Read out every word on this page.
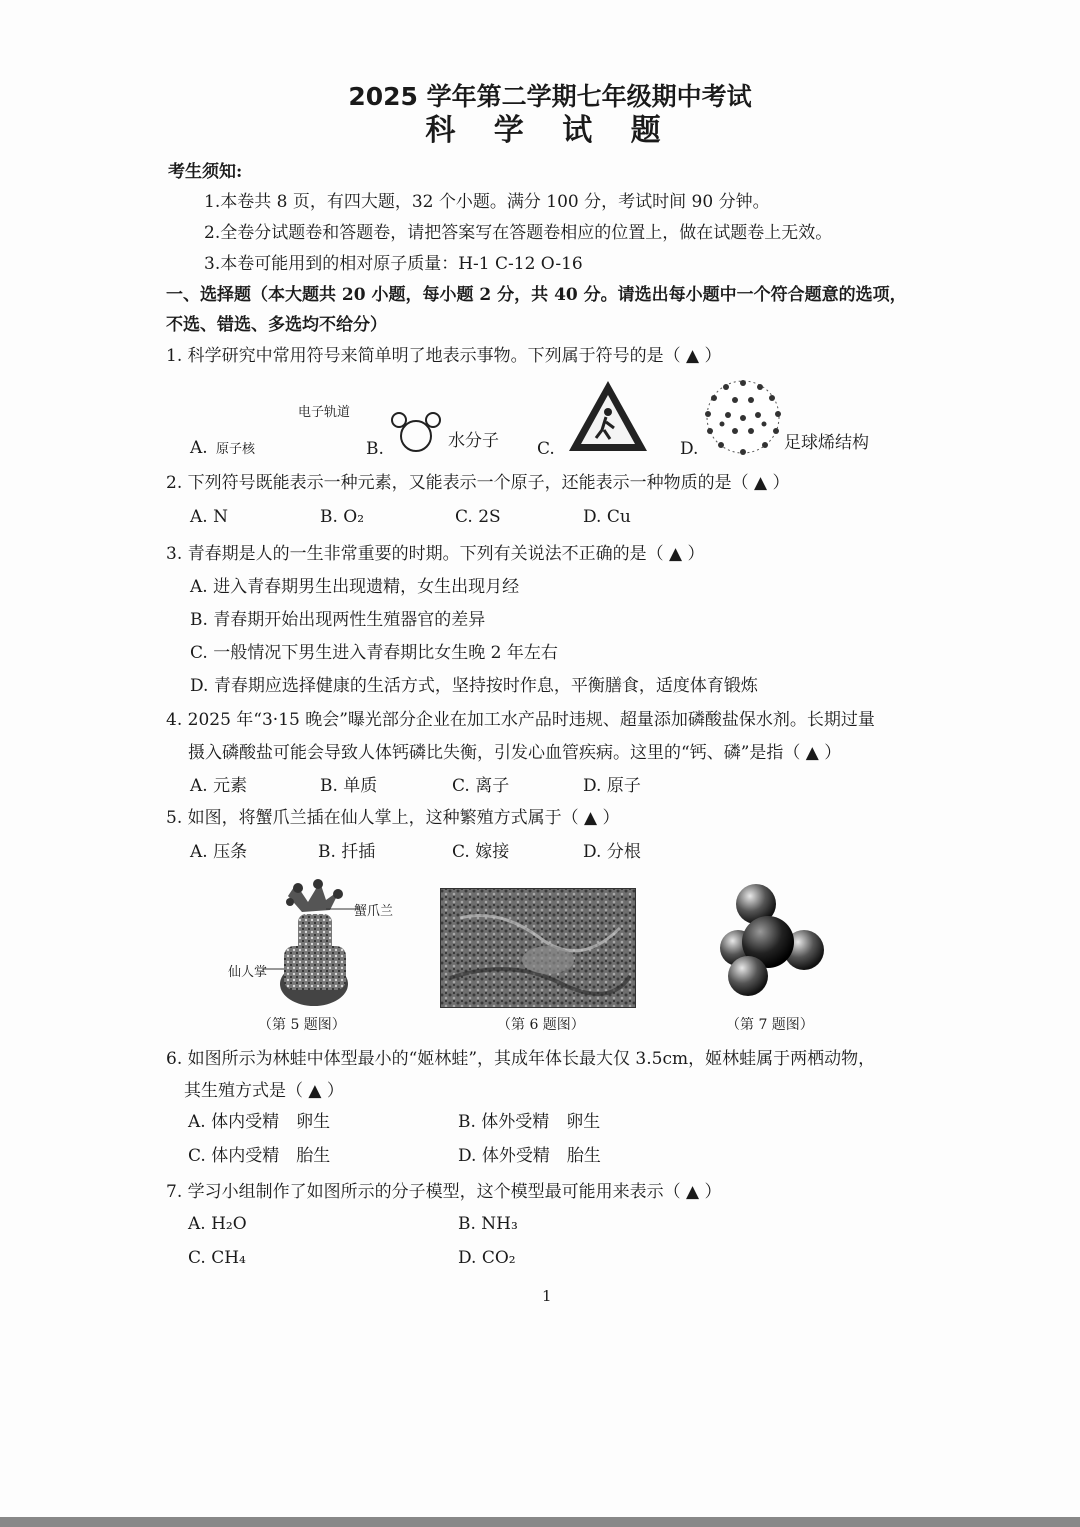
2025 学年第二学期七年级期中考试
科 学 试 题
考生须知:
1.本卷共 8 页，有四大题，32 个小题。满分 100 分，考试时间 90 分钟。
2.全卷分试题卷和答题卷，请把答案写在答题卷相应的位置上，做在试题卷上无效。
3.本卷可能用到的相对原子质量：H-1 C-12 O-16
一、选择题（本大题共 20 小题，每小题 2 分，共 40 分。请选出每小题中一个符合题意的选项，
不选、错选、多选均不给分）
1. 科学研究中常用符号来简单明了地表示事物。下列属于符号的是（ ▲ ）
A. 原子核
电子轨道
B.	水分子 C.	D.	足球烯结构
2. 下列符号既能表示一种元素，又能表示一个原子，还能表示一种物质的是（ ▲ ）
A. N	B. O₂	C. 2S	D. Cu
3. 青春期是人的一生非常重要的时期。下列有关说法不正确的是（ ▲ ）
A. 进入青春期男生出现遗精，女生出现月经
B. 青春期开始出现两性生殖器官的差异
C. 一般情况下男生进入青春期比女生晚 2 年左右
D. 青春期应选择健康的生活方式，坚持按时作息，平衡膳食，适度体育锻炼
4. 2025 年“3·15 晚会”曝光部分企业在加工水产品时违规、超量添加磷酸盐保水剂。长期过量
摄入磷酸盐可能会导致人体钙磷比失衡，引发心血管疾病。这里的“钙、磷”是指（ ▲ ）
A. 元素	B. 单质	C. 离子	D. 原子
5. 如图，将蟹爪兰插在仙人掌上，这种繁殖方式属于（ ▲ ）
A. 压条	B. 扦插	C. 嫁接	D. 分根
蟹爪兰
仙人掌
（第 5 题图）	（第 6 题图）	（第 7 题图）
6. 如图所示为林蛙中体型最小的“姬林蛙”，其成年体长最大仅 3.5cm，姬林蛙属于两栖动物，
其生殖方式是（ ▲ ）
A. 体内受精　卵生	B. 体外受精　卵生
C. 体内受精　胎生	D. 体外受精　胎生
7. 学习小组制作了如图所示的分子模型，这个模型最可能用来表示（ ▲ ）
A. H₂O	B. NH₃
C. CH₄	D. CO₂
1
